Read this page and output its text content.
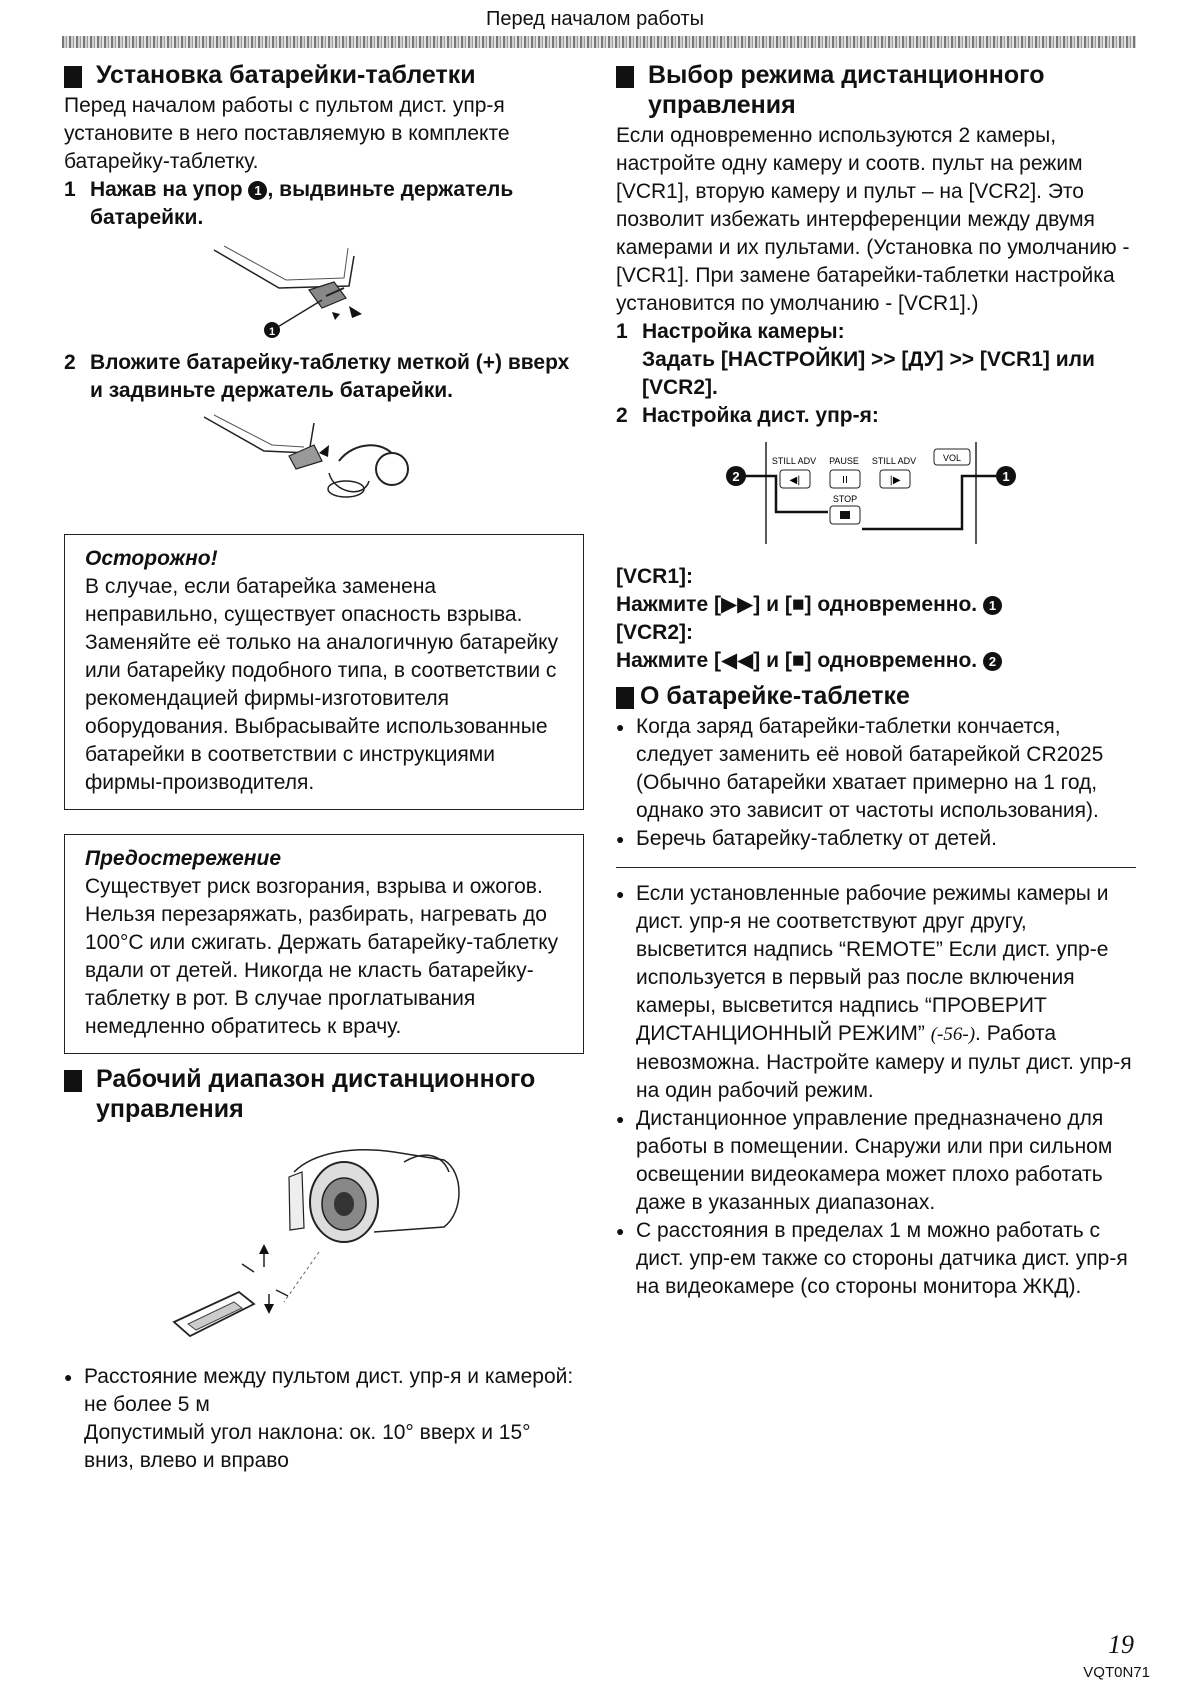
Перед началом работы
Установка батарейки-таблетки

Перед началом работы с пультом дист. упр-я установите в него поставляемую в комплекте батарейку-таблетку.

1 Нажав на упор 1 , выдвиньте держатель батарейки.
1
2 Вложите батарейку-таблетку меткой (+) вверх и задвиньте держатель батарейки.
Осторожно!

В случае, если батарейка заменена неправильно, существует опасность взрыва. Заменяйте её только на аналогичную батарейку или батарейку подобного типа, в соответствии с рекомендацией фирмы-изготовителя оборудования. Выбрасывайте использованные батарейки в соответствии с инструкциями фирмы-производителя.

Предостережение

Существует риск возгорания, взрыва и ожогов. Нельзя перезаряжать, разбирать, нагревать до 100°C или сжигать. Держать батарейку-таблетку вдали от детей. Никогда не класть батарейку-таблетку в рот. В случае проглатывания немедленно обратитесь к врачу.

Рабочий диапазон дистанционного управления
● Расстояние между пультом дист. упр-я и камерой: не более 5 м
Допустимый угол наклона: ок. 10° вверх и 15° вниз, влево и вправо
Выбор режима дистанционного управления

Если одновременно используются 2 камеры, настройте одну камеру и соотв. пульт на режим [VCR1], вторую камеру и пульт – на [VCR2]. Это позволит избежать интерференции между двумя камерами и их пультами. (Установка по умолчанию - [VCR1]. При замене батарейки-таблетки настройка установится по умолчанию - [VCR1].)

1 Настройка камеры:
Задать [НАСТРОЙКИ] >> [ДУ] >> [VCR1] или [VCR2].
2 Настройка дист. упр-я:
STILL ADV PAUSE STILL ADV	VOL
◀|	II	|▶
STOP
2	1
[VCR1]:
Нажмите [▶▶] и [■] одновременно. 1
[VCR2]:
Нажмите [◀◀] и [■] одновременно. 2
О батарейке-таблетке
● Когда заряд батарейки-таблетки кончается, следует заменить её новой батарейкой CR2025 (Обычно батарейки хватает примерно на 1 год, однако это зависит от частоты использования).
● Беречь батарейку-таблетку от детей.
● Если установленные рабочие режимы камеры и дист. упр-я не соответствуют друг другу, высветится надпись “REMOTE” Если дист. упр-е используется в первый раз после включения камеры, высветится надпись “ПРОВЕРИТ ДИСТАНЦИОННЫЙ РЕЖИМ” (-56-). Работа невозможна. Настройте камеру и пульт дист. упр-я на один рабочий режим.
● Дистанционное управление предназначено для работы в помещении. Снаружи или при сильном освещении видеокамера может плохо работать даже в указанных диапазонах.
● С расстояния в пределах 1 м можно работать с дист. упр-ем также со стороны датчика дист. упр-я на видеокамере (со стороны монитора ЖКД).
19
VQT0N71
